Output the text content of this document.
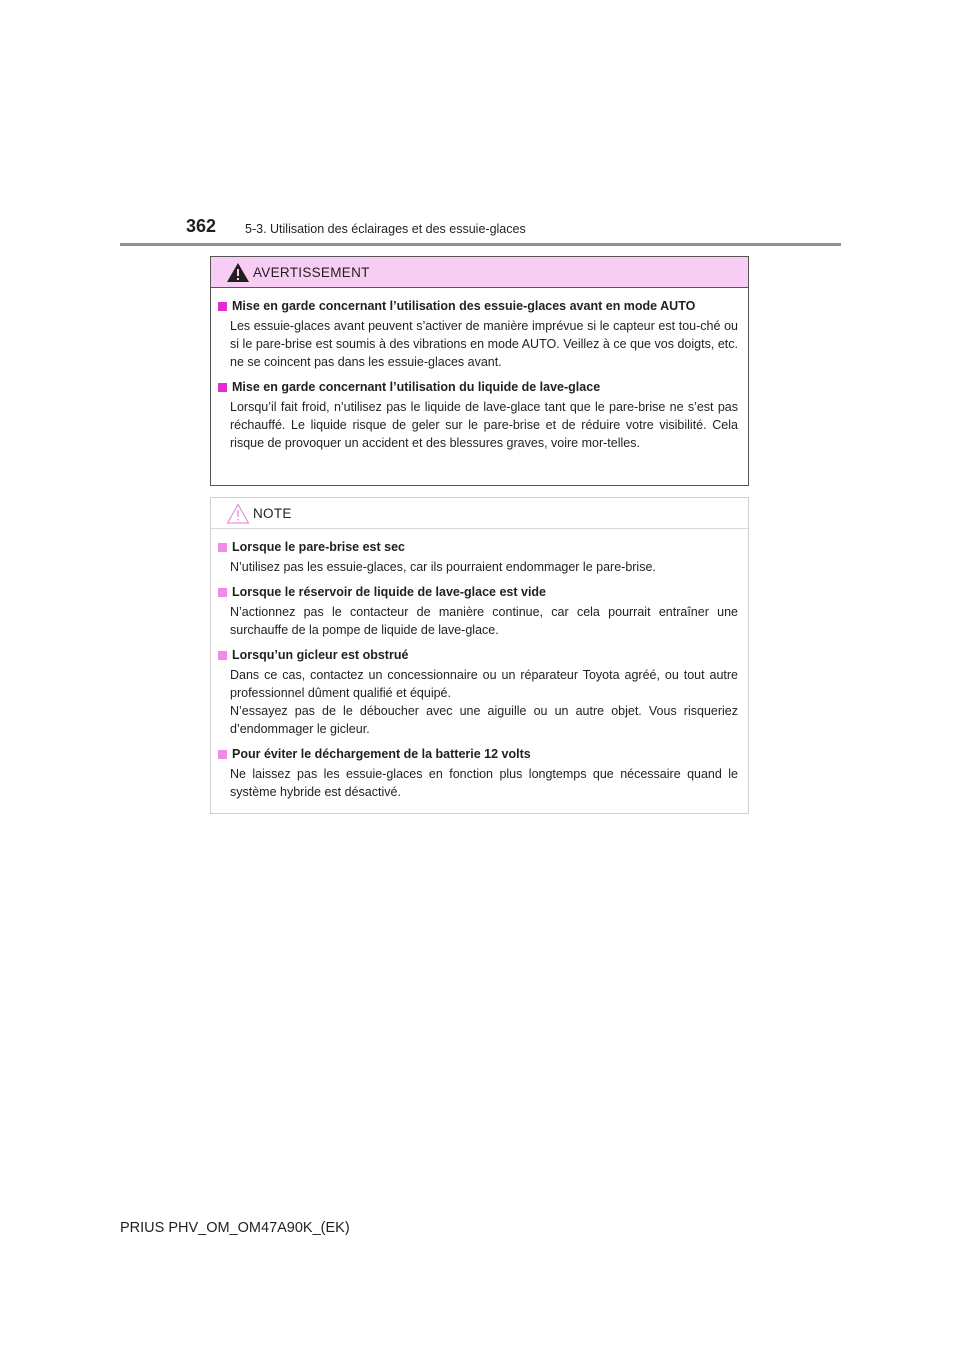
362 5-3. Utilisation des éclairages et des essuie-glaces
AVERTISSEMENT
Mise en garde concernant l’utilisation des essuie-glaces avant en mode AUTO
Les essuie-glaces avant peuvent s’activer de manière imprévue si le capteur est tou-ché ou si le pare-brise est soumis à des vibrations en mode AUTO. Veillez à ce que vos doigts, etc. ne se coincent pas dans les essuie-glaces avant.
Mise en garde concernant l’utilisation du liquide de lave-glace
Lorsqu’il fait froid, n’utilisez pas le liquide de lave-glace tant que le pare-brise ne s’est pas réchauffé. Le liquide risque de geler sur le pare-brise et de réduire votre visibilité. Cela risque de provoquer un accident et des blessures graves, voire mor-telles.
NOTE
Lorsque le pare-brise est sec
N’utilisez pas les essuie-glaces, car ils pourraient endommager le pare-brise.
Lorsque le réservoir de liquide de lave-glace est vide
N’actionnez pas le contacteur de manière continue, car cela pourrait entraîner une surchauffe de la pompe de liquide de lave-glace.
Lorsqu’un gicleur est obstrué
Dans ce cas, contactez un concessionnaire ou un réparateur Toyota agréé, ou tout autre professionnel dûment qualifié et équipé.
N’essayez pas de le déboucher avec une aiguille ou un autre objet. Vous risqueriez d’endommager le gicleur.
Pour éviter le déchargement de la batterie 12 volts
Ne laissez pas les essuie-glaces en fonction plus longtemps que nécessaire quand le système hybride est désactivé.
PRIUS PHV_OM_OM47A90K_(EK)
